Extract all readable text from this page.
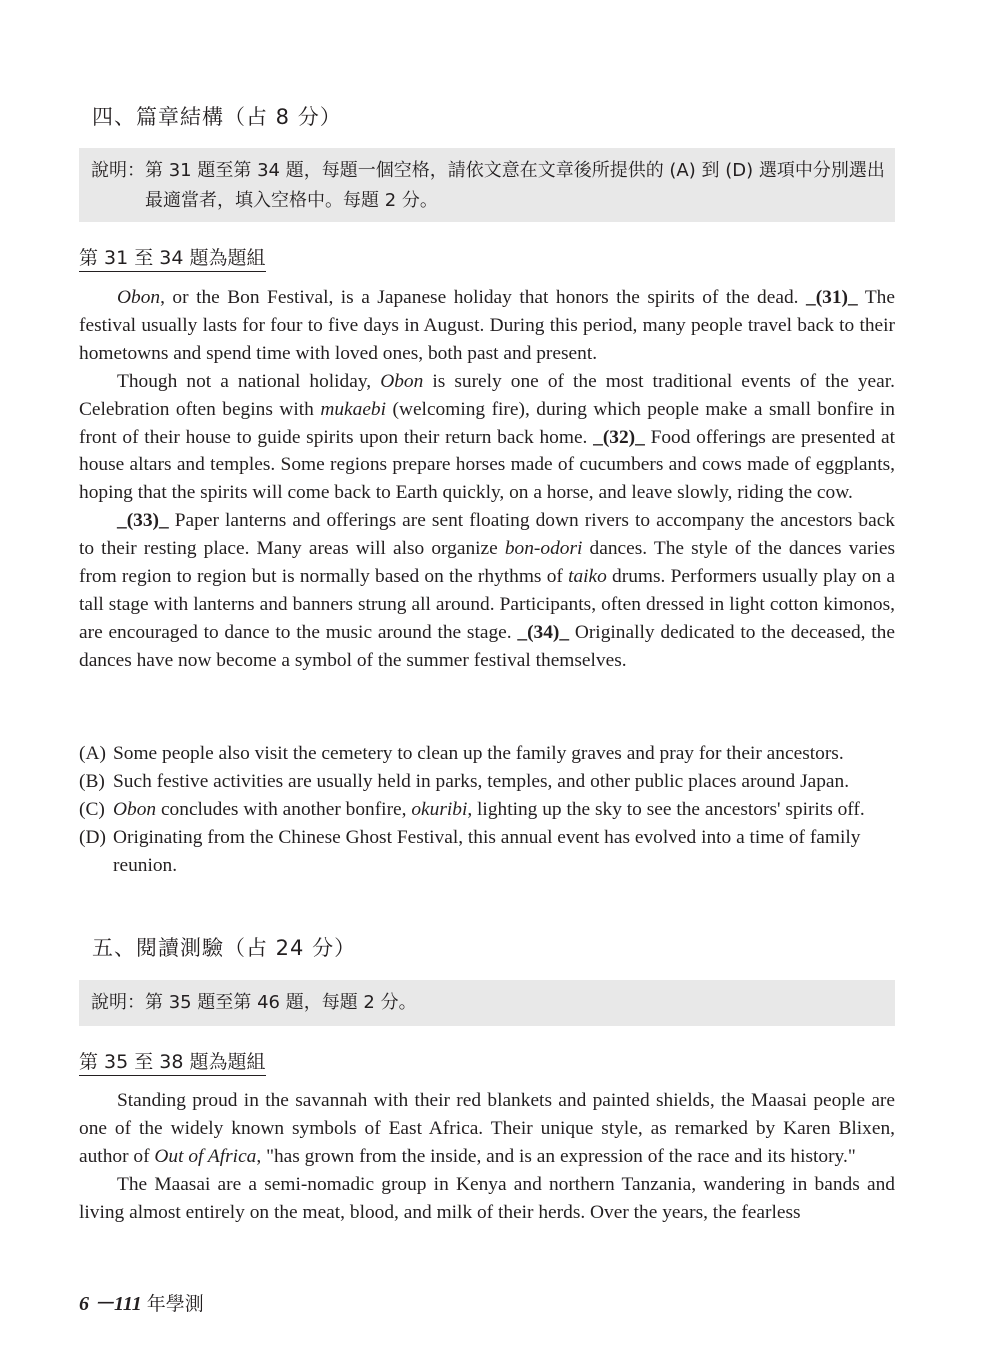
四、篇章結構（占 8 分）
說明： 第 31 題至第 34 題，每題一個空格，請依文意在文章後所提供的 (A) 到 (D) 選項中分別選出最適當者，填入空格中。每題 2 分。
第 31 至 34 題為題組

Obon, or the Bon Festival, is a Japanese holiday that honors the spirits of the dead. _(31)_ The festival usually lasts for four to five days in August. During this period, many people travel back to their hometowns and spend time with loved ones, both past and present.

Though not a national holiday, Obon is surely one of the most traditional events of the year. Celebration often begins with mukaebi (welcoming fire), during which people make a small bonfire in front of their house to guide spirits upon their return back home. _(32)_ Food offerings are presented at house altars and temples. Some regions prepare horses made of cucumbers and cows made of eggplants, hoping that the spirits will come back to Earth quickly, on a horse, and leave slowly, riding the cow.

_(33)_ Paper lanterns and offerings are sent floating down rivers to accompany the ancestors back to their resting place. Many areas will also organize bon-odori dances. The style of the dances varies from region to region but is normally based on the rhythms of taiko drums. Performers usually play on a tall stage with lanterns and banners strung all around. Participants, often dressed in light cotton kimonos, are encouraged to dance to the music around the stage. _(34)_ Originally dedicated to the deceased, the dances have now become a symbol of the summer festival themselves.

(A) Some people also visit the cemetery to clean up the family graves and pray for their ancestors.
(B) Such festive activities are usually held in parks, temples, and other public places around Japan.
(C) Obon concludes with another bonfire, okuribi, lighting up the sky to see the ancestors' spirits off.
(D) Originating from the Chinese Ghost Festival, this annual event has evolved into a time of family reunion.
五、閱讀測驗（占 24 分）
說明： 第 35 題至第 46 題，每題 2 分。
第 35 至 38 題為題組

Standing proud in the savannah with their red blankets and painted shields, the Maasai people are one of the widely known symbols of East Africa. Their unique style, as remarked by Karen Blixen, author of Out of Africa, "has grown from the inside, and is an expression of the race and its history."

The Maasai are a semi-nomadic group in Kenya and northern Tanzania, wandering in bands and living almost entirely on the meat, blood, and milk of their herds. Over the years, the fearless

6 －111 年學測
